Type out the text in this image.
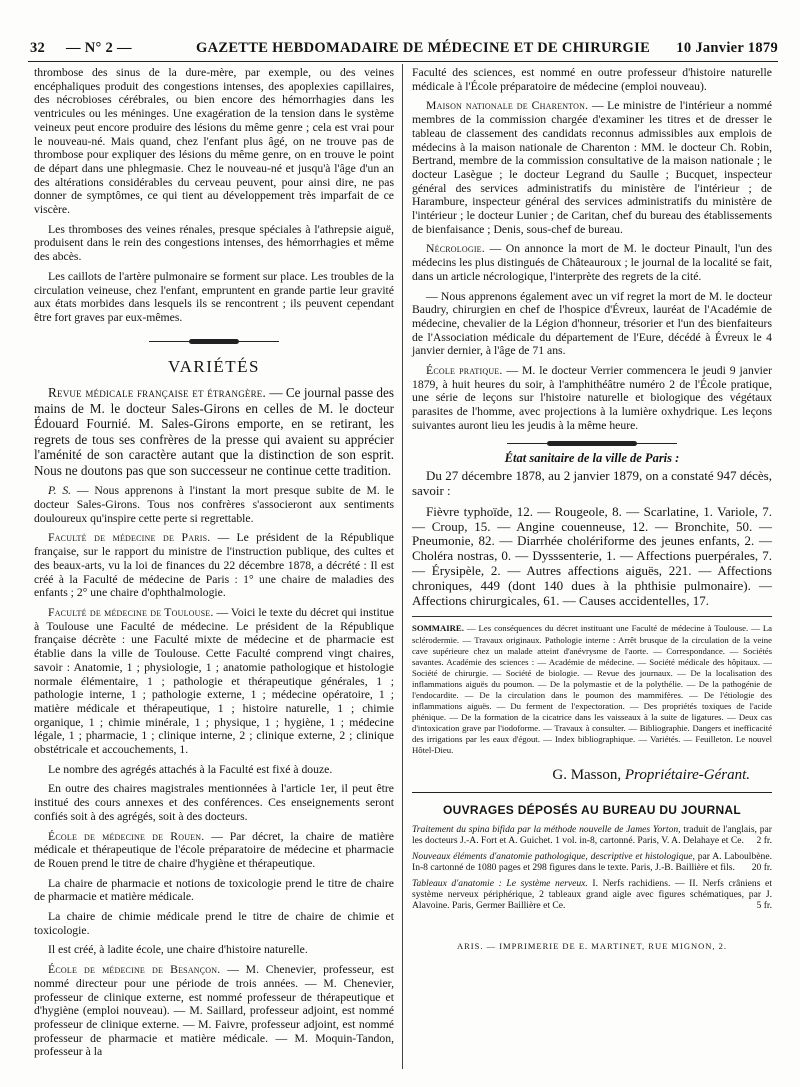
32 — N° 2 —	GAZETTE HEBDOMADAIRE DE MÉDECINE ET DE CHIRURGIE 10 Janvier 1879

thrombose des sinus de la dure-mère, par exemple, ou des veines encéphaliques produit des congestions intenses, des apoplexies capillaires, des nécrobioses cérébrales, ou bien encore des hémorrhagies dans les ventricules ou les méninges. Une exagération de la tension dans le système veineux peut encore produire des lésions du même genre ; cela est vrai pour le nouveau-né. Mais quand, chez l'enfant plus âgé, on ne trouve pas de thrombose pour expliquer des lésions du même genre, on en trouve le point de départ dans une phlegmasie. Chez le nouveau-né et jusqu'à l'âge d'un an des altérations considérables du cerveau peuvent, pour ainsi dire, ne pas donner de symptômes, ce qui tient au développement très imparfait de ce viscère.

Les thromboses des veines rénales, presque spéciales à l'athrepsie aiguë, produisent dans le rein des congestions intenses, des hémorrhagies et même des abcès.

Les caillots de l'artère pulmonaire se forment sur place. Les troubles de la circulation veineuse, chez l'enfant, empruntent en grande partie leur gravité aux états morbides dans lesquels ils se rencontrent ; ils peuvent cependant être fort graves par eux-mêmes.

VARIÉTÉS

Revue médicale française et étrangère. — Ce journal passe des mains de M. le docteur Sales-Girons en celles de M. le docteur Édouard Fournié. M. Sales-Girons emporte, en se retirant, les regrets de tous ses confrères de la presse qui avaient su apprécier l'aménité de son caractère autant que la distinction de son esprit. Nous ne doutons pas que son successeur ne continue cette tradition.

P. S. — Nous apprenons à l'instant la mort presque subite de M. le docteur Sales-Girons. Tous nos confrères s'associeront aux sentiments douloureux qu'inspire cette perte si regrettable.

Faculté de médecine de Paris. — Le président de la République française, sur le rapport du ministre de l'instruction publique, des cultes et des beaux-arts, vu la loi de finances du 22 décembre 1878, a décrété : Il est créé à la Faculté de médecine de Paris : 1° une chaire de maladies des enfants ; 2° une chaire d'ophthalmologie.

Faculté de médecine de Toulouse. — Voici le texte du décret qui institue à Toulouse une Faculté de médecine. Le président de la République française décrète : une Faculté mixte de médecine et de pharmacie est établie dans la ville de Toulouse. Cette Faculté comprend vingt chaires, savoir : Anatomie, 1 ; physiologie, 1 ; anatomie pathologique et histologie normale élémentaire, 1 ; pathologie et thérapeutique générales, 1 ; pathologie interne, 1 ; pathologie externe, 1 ; médecine opératoire, 1 ; matière médicale et thérapeutique, 1 ; histoire naturelle, 1 ; chimie organique, 1 ; chimie minérale, 1 ; physique, 1 ; hygiène, 1 ; médecine légale, 1 ; pharmacie, 1 ; clinique interne, 2 ; clinique externe, 2 ; clinique obstétricale et accouchements, 1.

Le nombre des agrégés attachés à la Faculté est fixé à douze.

En outre des chaires magistrales mentionnées à l'article 1er, il peut être institué des cours annexes et des conférences. Ces enseignements seront confiés soit à des agrégés, soit à des docteurs.

École de médecine de Rouen. — Par décret, la chaire de matière médicale et thérapeutique de l'école préparatoire de médecine et pharmacie de Rouen prend le titre de chaire d'hygiène et thérapeutique.

La chaire de pharmacie et notions de toxicologie prend le titre de chaire de pharmacie et matière médicale.

La chaire de chimie médicale prend le titre de chaire de chimie et toxicologie.

Il est créé, à ladite école, une chaire d'histoire naturelle.

École de médecine de Besançon. — M. Chenevier, professeur, est nommé directeur pour une période de trois années. — M. Chenevier, professeur de clinique externe, est nommé professeur de thérapeutique et d'hygiène (emploi nouveau). — M. Saillard, professeur adjoint, est nommé professeur de clinique externe. — M. Faivre, professeur adjoint, est nommé professeur de pharmacie et matière médicale. — M. Moquin-Tandon, professeur à la

Faculté des sciences, est nommé en outre professeur d'histoire naturelle médicale à l'École préparatoire de médecine (emploi nouveau).

Maison nationale de Charenton. — Le ministre de l'intérieur a nommé membres de la commission chargée d'examiner les titres et de dresser le tableau de classement des candidats reconnus admissibles aux emplois de médecins à la maison nationale de Charenton : MM. le docteur Ch. Robin, Bertrand, membre de la commission consultative de la maison nationale ; le docteur Lasègue ; le docteur Legrand du Saulle ; Bucquet, inspecteur général des services administratifs du ministère de l'intérieur ; de Harambure, inspecteur général des services administratifs du ministère de l'intérieur ; le docteur Lunier ; de Caritan, chef du bureau des établissements de bienfaisance ; Denis, sous-chef de bureau.

Nécrologie. — On annonce la mort de M. le docteur Pinault, l'un des médecins les plus distingués de Châteauroux ; le journal de la localité se fait, dans un article nécrologique, l'interprète des regrets de la cité.

— Nous apprenons également avec un vif regret la mort de M. le docteur Baudry, chirurgien en chef de l'hospice d'Évreux, lauréat de l'Académie de médecine, chevalier de la Légion d'honneur, trésorier et l'un des bienfaiteurs de l'Association médicale du département de l'Eure, décédé à Évreux le 4 janvier dernier, à l'âge de 71 ans.

École pratique. — M. le docteur Verrier commencera le jeudi 9 janvier 1879, à huit heures du soir, à l'amphithéâtre numéro 2 de l'École pratique, une série de leçons sur l'histoire naturelle et biologique des végétaux parasites de l'homme, avec projections à la lumière oxhydrique. Les leçons suivantes auront lieu les jeudis à la même heure.

État sanitaire de la ville de Paris :

Du 27 décembre 1878, au 2 janvier 1879, on a constaté 947 décès, savoir :

Fièvre typhoïde, 12. — Rougeole, 8. — Scarlatine, 1. Variole, 7. — Croup, 15. — Angine couenneuse, 12. — Bronchite, 50. — Pneumonie, 82. — Diarrhée cholériforme des jeunes enfants, 2. — Choléra nostras, 0. — Dysssenterie, 1. — Affections puerpérales, 7. — Érysipèle, 2. — Autres affections aiguës, 221. — Affections chroniques, 449 (dont 140 dues à la phthisie pulmonaire). — Affections chirurgicales, 61. — Causes accidentelles, 17.

SOMMAIRE. — Les conséquences du décret instituant une Faculté de médecine à Toulouse. — La sclérodermie. — Travaux originaux. Pathologie interne : Arrêt brusque de la circulation de la veine cave supérieure chez un malade atteint d'anévrysme de l'aorte. — Correspondance. — Sociétés savantes. Académie des sciences : — Académie de médecine. — Société médicale des hôpitaux. — Société de chirurgie. — Société de biologie. — Revue des journaux. — De la localisation des inflammations aiguës du poumon. — De la polymastie et de la polythélie. — De la pathogénie de l'endocardite. — De la circulation dans le poumon des mammifères. — De l'étiologie des inflammations aiguës. — Du ferment de l'expectoration. — Des propriétés toxiques de l'acide phénique. — De la formation de la cicatrice dans les vaisseaux à la suite de ligatures. — Deux cas d'intoxication grave par l'iodoforme. — Travaux à consulter. — Bibliographie. Dangers et inefficacité des irrigations par les eaux d'égout. — Index bibliographique. — Variétés. — Feuilleton. Le nouvel Hôtel-Dieu.
G. Masson, Propriétaire-Gérant.
OUVRAGES DÉPOSÉS AU BUREAU DU JOURNAL
Traitement du spina bifida par la méthode nouvelle de James Yorton, traduit de l'anglais, par les docteurs J.-A. Fort et A. Guichet. 1 vol. in-8, cartonné. Paris, V. A. Delahaye et Ce. 2 fr.
Nouveaux éléments d'anatomie pathologique, descriptive et histologique, par A. Laboulbène. In-8 cartonné de 1080 pages et 298 figures dans le texte. Paris, J.-B. Baillière et fils. 20 fr.
Tableaux d'anatomie : Le système nerveux. I. Nerfs rachidiens. — II. Nerfs crâniens et système nerveux périphérique, 2 tableaux grand aigle avec figures schématiques, par J. Alavoine. Paris, Germer Baillière et Ce.	5 fr.
ARIS. — IMPRIMERIE DE E. MARTINET, RUE MIGNON, 2.
